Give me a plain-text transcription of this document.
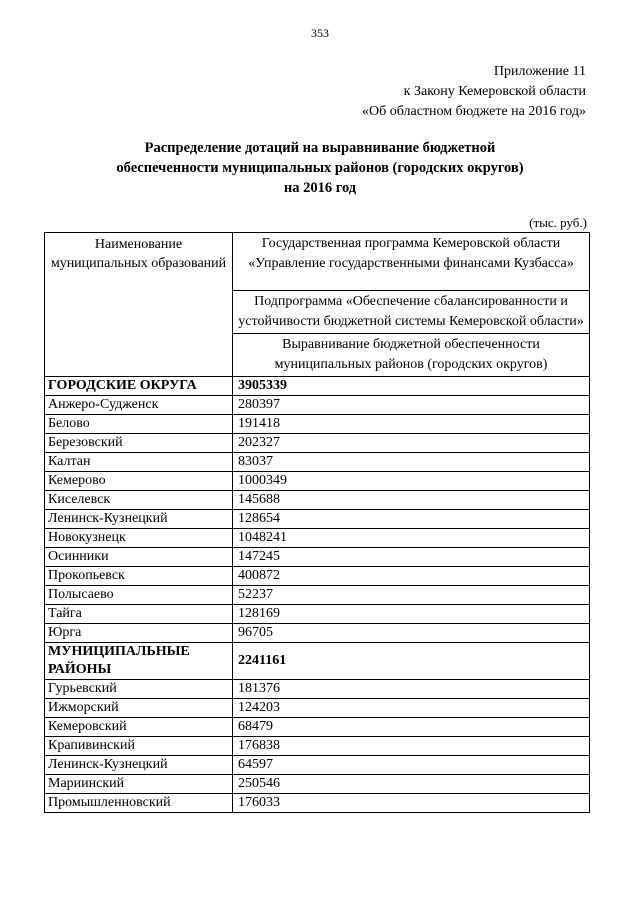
353
Приложение 11
к Закону Кемеровской области
«Об областном бюджете на 2016 год»
Распределение дотаций на выравнивание бюджетной
обеспеченности муниципальных районов (городских округов)
на 2016 год
(тыс. руб.)
Наименование муниципальных образований	Государственная программа Кемеровской области «Управление государственными финансами Кузбасса»
	Подпрограмма «Обеспечение сбалансированности и устойчивости бюджетной системы Кемеровской области»
	Выравнивание бюджетной обеспеченности муниципальных районов (городских округов)
ГОРОДСКИЕ ОКРУГА	3905339
Анжеро-Судженск	280397
Белово	191418
Березовский	202327
Калтан	83037
Кемерово	1000349
Киселевск	145688
Ленинск-Кузнецкий	128654
Новокузнецк	1048241
Осинники	147245
Прокопьевск	400872
Полысаево	52237
Тайга	128169
Юрга	96705
МУНИЦИПАЛЬНЫЕ РАЙОНЫ	2241161
Гурьевский	181376
Ижморский	124203
Кемеровский	68479
Крапивинский	176838
Ленинск-Кузнецкий	64597
Мариинский	250546
Промышленновский	176033
